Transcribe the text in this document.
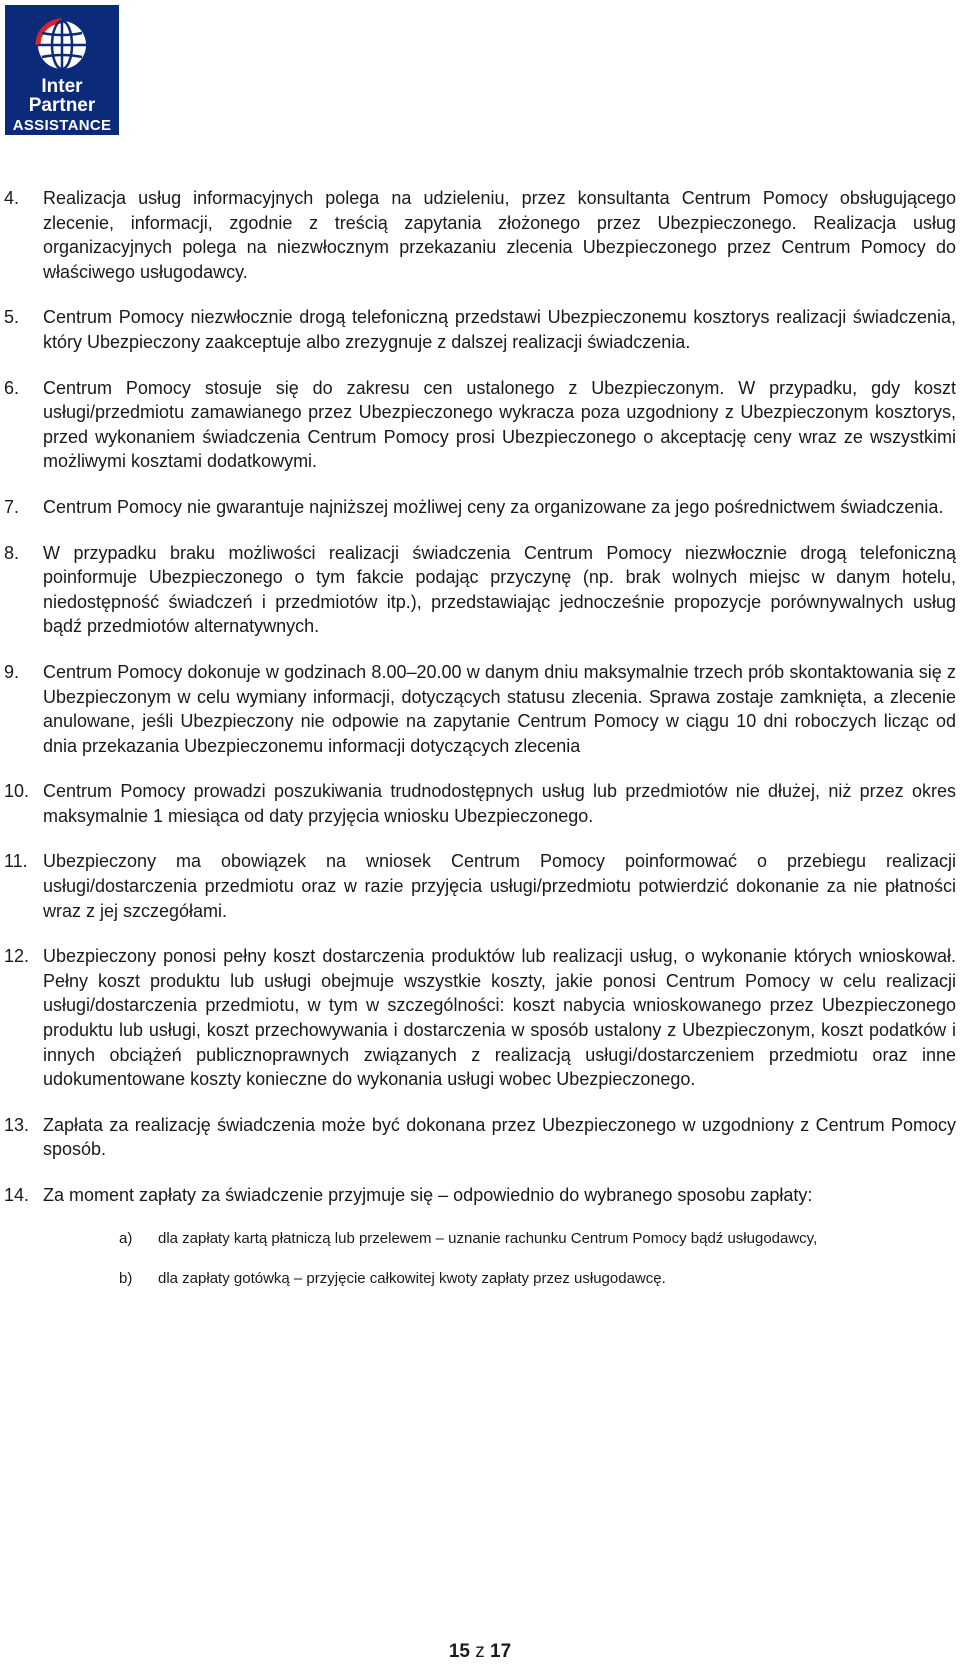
Inter
Partner
ASSISTANCE
4. Realizacja usług informacyjnych polega na udzieleniu, przez konsultanta Centrum Pomocy obsługującego zlecenie, informacji, zgodnie z treścią zapytania złożonego przez Ubezpieczonego. Realizacja usług organizacyjnych polega na niezwłocznym przekazaniu zlecenia Ubezpieczonego przez Centrum Pomocy do właściwego usługodawcy.
5. Centrum Pomocy niezwłocznie drogą telefoniczną przedstawi Ubezpieczonemu kosztorys realizacji świadczenia, który Ubezpieczony zaakceptuje albo zrezygnuje z dalszej realizacji świadczenia.
6. Centrum Pomocy stosuje się do zakresu cen ustalonego z Ubezpieczonym. W przypadku, gdy koszt usługi/przedmiotu zamawianego przez Ubezpieczonego wykracza poza uzgodniony z Ubezpieczonym kosztorys, przed wykonaniem świadczenia Centrum Pomocy prosi Ubezpieczonego o akceptację ceny wraz ze wszystkimi możliwymi kosztami dodatkowymi.
7. Centrum Pomocy nie gwarantuje najniższej możliwej ceny za organizowane za jego pośrednictwem świadczenia.
8. W przypadku braku możliwości realizacji świadczenia Centrum Pomocy niezwłocznie drogą telefoniczną poinformuje Ubezpieczonego o tym fakcie podając przyczynę (np. brak wolnych miejsc w danym hotelu, niedostępność świadczeń i przedmiotów itp.), przedstawiając jednocześnie propozycje porównywalnych usług bądź przedmiotów alternatywnych.
9. Centrum Pomocy dokonuje w godzinach 8.00–20.00 w danym dniu maksymalnie trzech prób skontaktowania się z Ubezpieczonym w celu wymiany informacji, dotyczących statusu zlecenia. Sprawa zostaje zamknięta, a zlecenie anulowane, jeśli Ubezpieczony nie odpowie na zapytanie Centrum Pomocy w ciągu 10 dni roboczych licząc od dnia przekazania Ubezpieczonemu informacji dotyczących zlecenia
10. Centrum Pomocy prowadzi poszukiwania trudnodostępnych usług lub przedmiotów nie dłużej, niż przez okres maksymalnie 1 miesiąca od daty przyjęcia wniosku Ubezpieczonego.
11. Ubezpieczony ma obowiązek na wniosek Centrum Pomocy poinformować o przebiegu realizacji usługi/dostarczenia przedmiotu oraz w razie przyjęcia usługi/przedmiotu potwierdzić dokonanie za nie płatności wraz z jej szczegółami.
12. Ubezpieczony ponosi pełny koszt dostarczenia produktów lub realizacji usług, o wykonanie których wnioskował. Pełny koszt produktu lub usługi obejmuje wszystkie koszty, jakie ponosi Centrum Pomocy w celu realizacji usługi/dostarczenia przedmiotu, w tym w szczególności: koszt nabycia wnioskowanego przez Ubezpieczonego produktu lub usługi, koszt przechowywania i dostarczenia w sposób ustalony z Ubezpieczonym, koszt podatków i innych obciążeń publicznoprawnych związanych z realizacją usługi/dostarczeniem przedmiotu oraz inne udokumentowane koszty konieczne do wykonania usługi wobec Ubezpieczonego.
13. Zapłata za realizację świadczenia może być dokonana przez Ubezpieczonego w uzgodniony z Centrum Pomocy sposób.
14. Za moment zapłaty za świadczenie przyjmuje się – odpowiednio do wybranego sposobu zapłaty:
a) dla zapłaty kartą płatniczą lub przelewem – uznanie rachunku Centrum Pomocy bądź usługodawcy,
b) dla zapłaty gotówką – przyjęcie całkowitej kwoty zapłaty przez usługodawcę.
15 z 17
